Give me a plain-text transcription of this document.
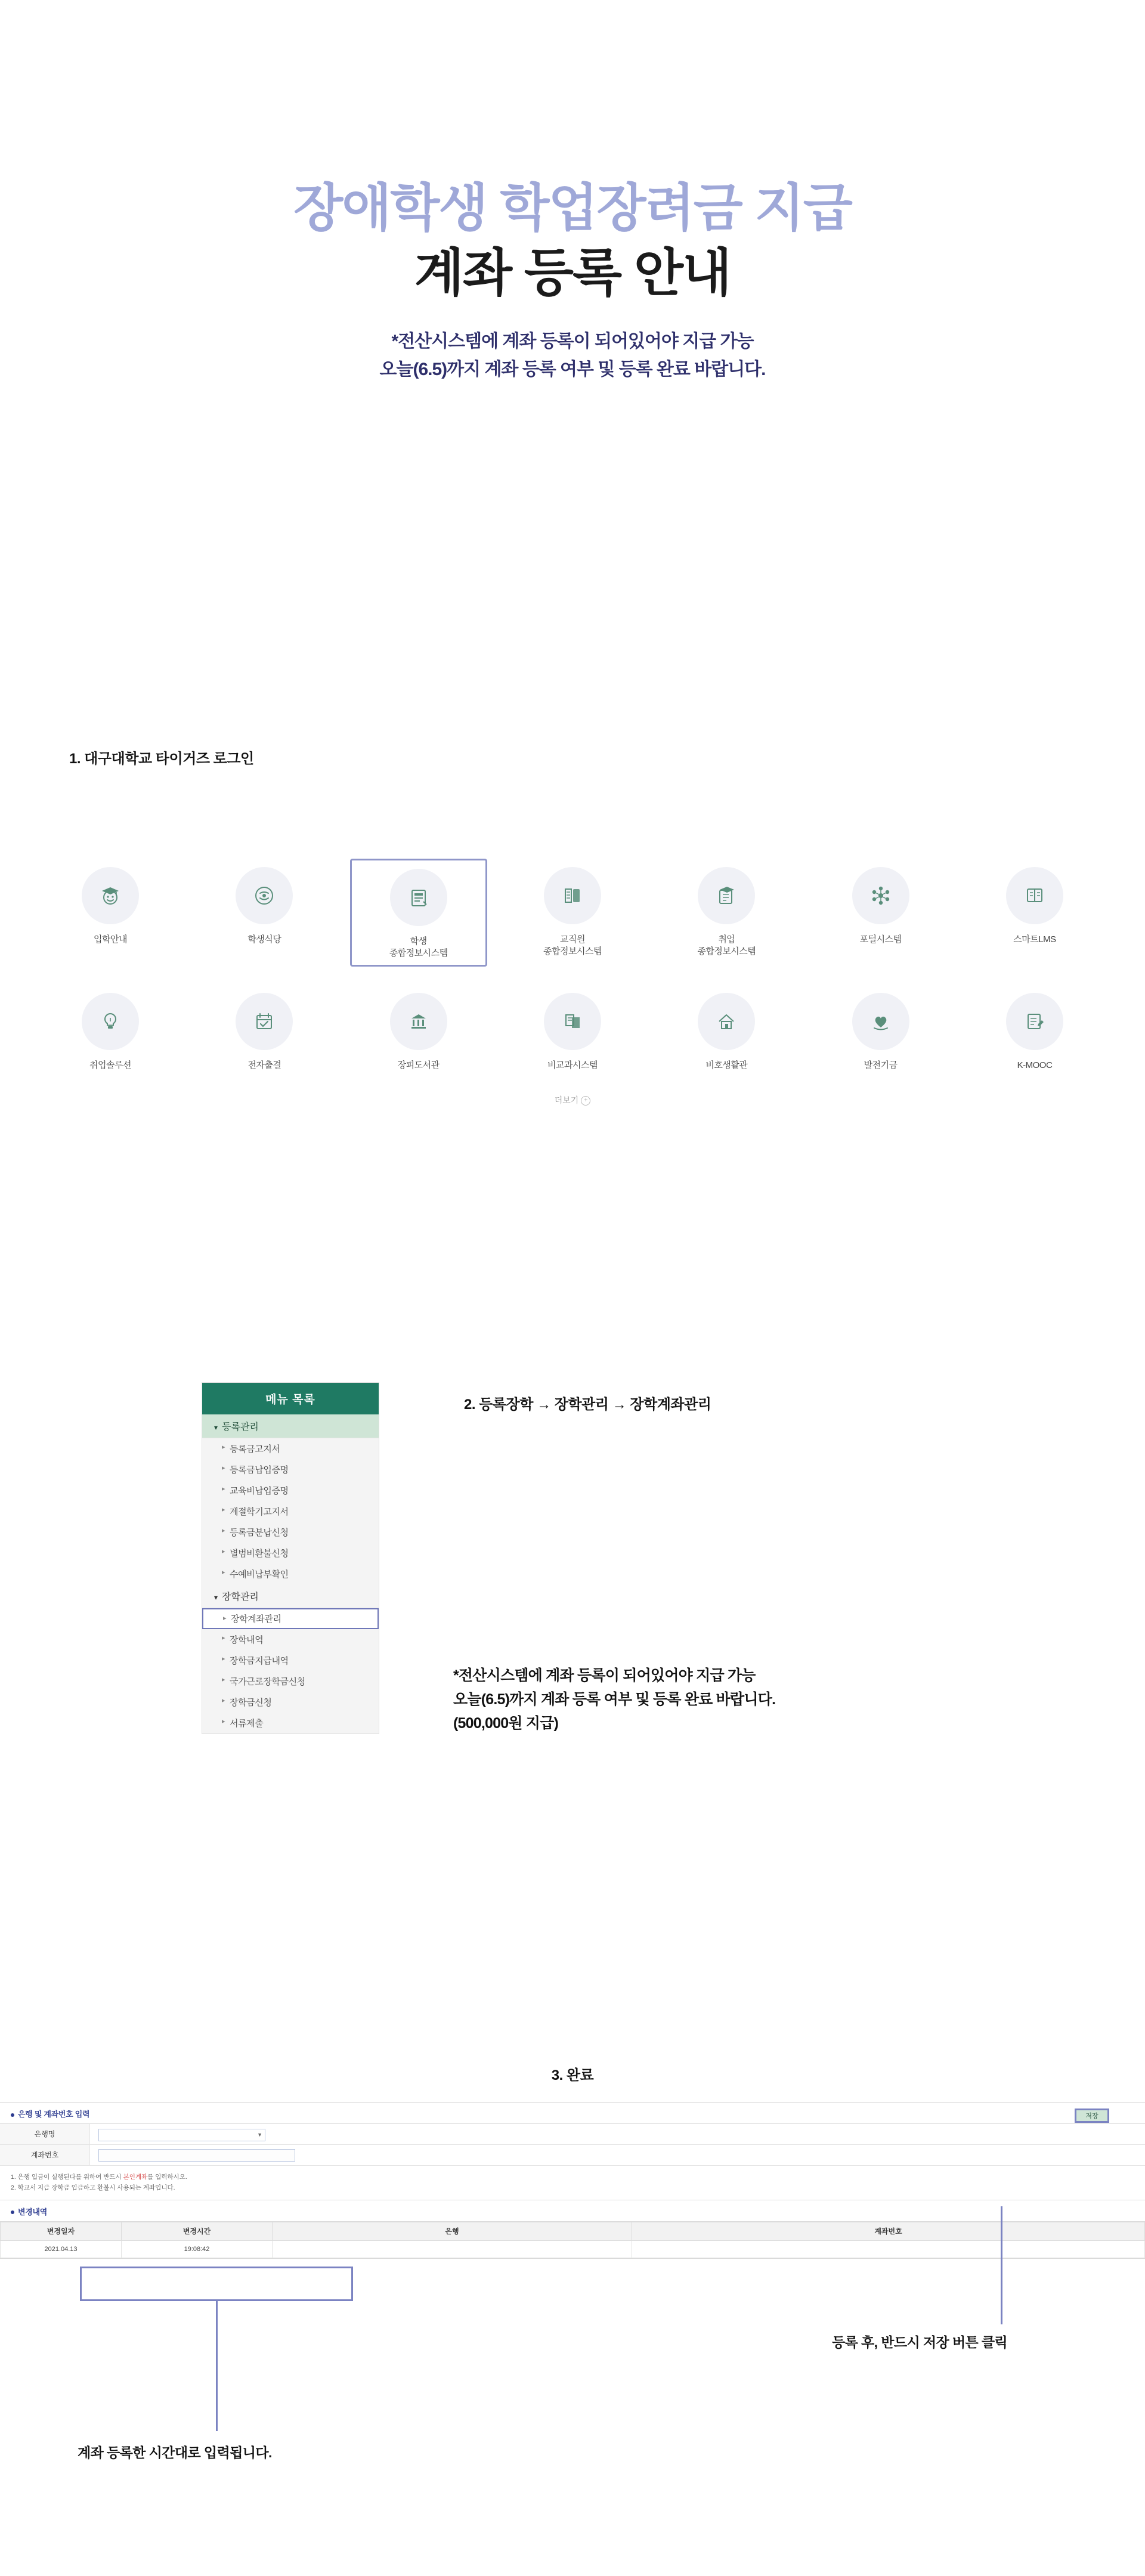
장애학생 학업장려금 지급
계좌 등록 안내
*전산시스템에 계좌 등록이 되어있어야 지급 가능
오늘(6.5)까지 계좌 등록 여부 및 등록 완료 바랍니다.
1. 대구대학교 타이거즈 로그인
입학안내	학생식당	학생
종합정보시스템
교직원
종합정보시스템
취업
종합정보시스템
포털시스템	스마트LMS
취업솔루션	전자출결	장피도서관	비교과시스템	비호생활관	발전기금	K-MOOC
더보기 +
2. 등록장학 → 장학관리 → 장학계좌관리
메뉴 목록
▾ 등록관리
▸ 등록금고지서
▸ 등록금납입증명
▸ 교육비납입증명
▸ 계절학기고지서
▸ 등록금분납신청
▸ 별범비환불신청
▸ 수예비납부확인
▾ 장학관리
▸ 장학계좌관리
▸ 장학내역
▸ 장학금지급내역
▸ 국가근로장학금신청
▸ 장학금신청
▸ 서류제출
*전산시스템에 계좌 등록이 되어있어야 지급 가능
오늘(6.5)까지 계좌 등록 여부 및 등록 완료 바랍니다.
(500,000원 지급)
3. 완료
은행 및 계좌번호 입력	저장
은행명	▼
계좌번호
1. 은행 입금이 실행된다를 위하여 반드시 본인계좌를 입력하시오.
2. 학교서 지급 장학금 입금하고 환불시 사용되는 계좌입니다.
변경내역
변경일자	변경시간	은행	계좌번호
2021.04.13	19:08:42		
등록 후, 반드시 저장 버튼 클릭
계좌 등록한 시간대로 입력됩니다.
